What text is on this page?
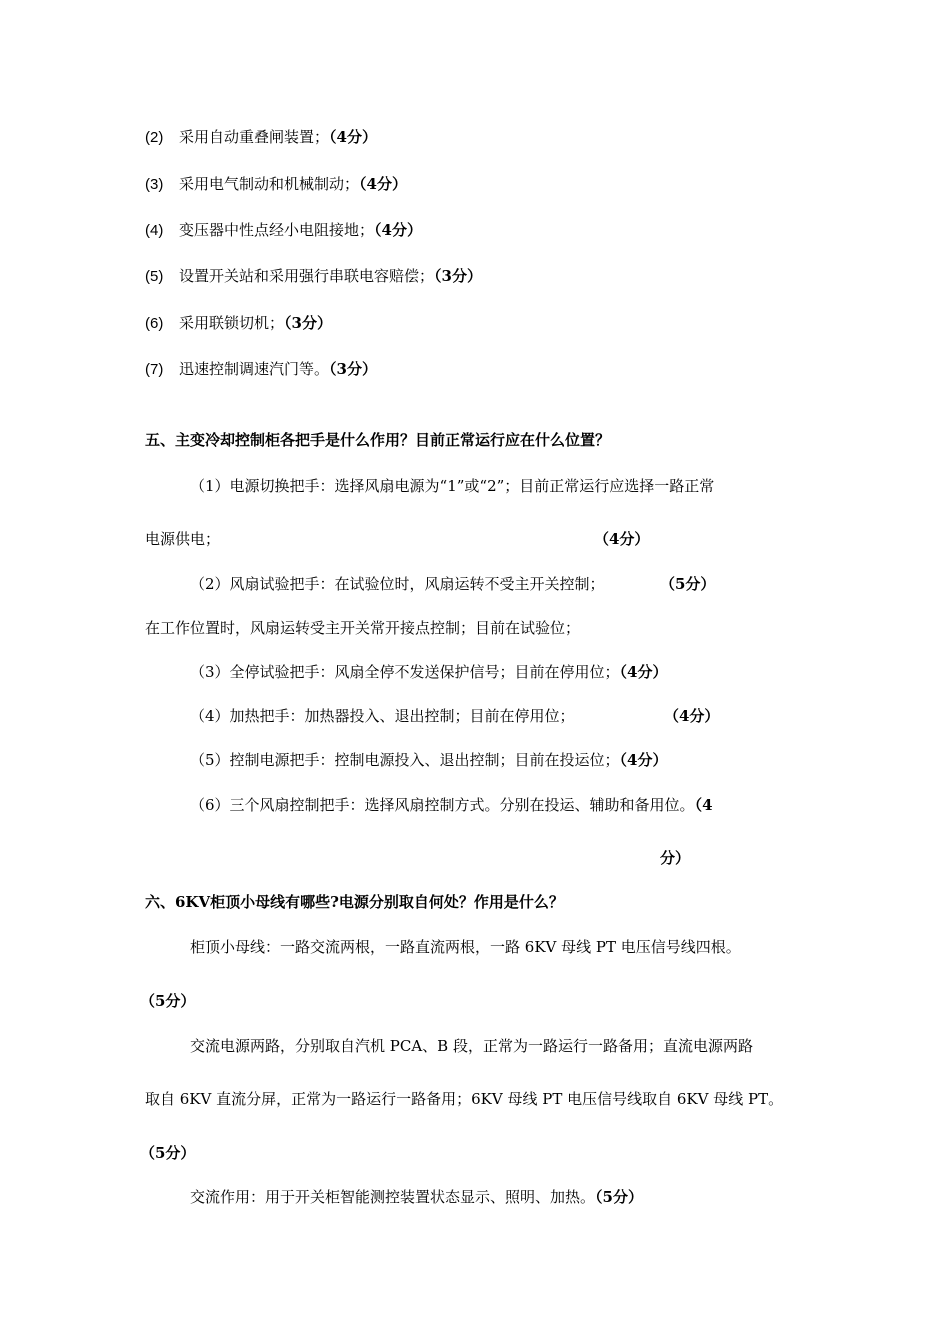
(2) 采用自动重叠闸装置；（4分）
(3) 采用电气制动和机械制动；（4分）
(4) 变压器中性点经小电阻接地；（4分）
(5) 设置开关站和采用强行串联电容赔偿；（3分）
(6) 采用联锁切机；（3分）
(7) 迅速控制调速汽门等。（3分）
五、主变冷却控制柜各把手是什么作用？目前正常运行应在什么位置？
（1）电源切换把手：选择风扇电源为“1”或“2”；目前正常运行应选择一路正常
电源供电；	（4分）
（2）风扇试验把手：在试验位时，风扇运转不受主开关控制；	（5分）
在工作位置时，风扇运转受主开关常开接点控制；目前在试验位；
（3）全停试验把手：风扇全停不发送保护信号；目前在停用位；（4分）
（4）加热把手：加热器投入、退出控制；目前在停用位；	（4分）
（5）控制电源把手：控制电源投入、退出控制；目前在投运位；（4分）
（6）三个风扇控制把手：选择风扇控制方式。分别在投运、辅助和备用位。（4
分）
六、6KV柜顶小母线有哪些?电源分别取自何处？作用是什么？
柜顶小母线：一路交流两根，一路直流两根，一路 6KV 母线 PT 电压信号线四根。
（5分）
交流电源两路，分别取自汽机 PCA、B 段，正常为一路运行一路备用；直流电源两路
取自 6KV 直流分屏，正常为一路运行一路备用；6KV 母线 PT 电压信号线取自 6KV 母线 PT。
（5分）
交流作用：用于开关柜智能测控装置状态显示、照明、加热。（5分）
